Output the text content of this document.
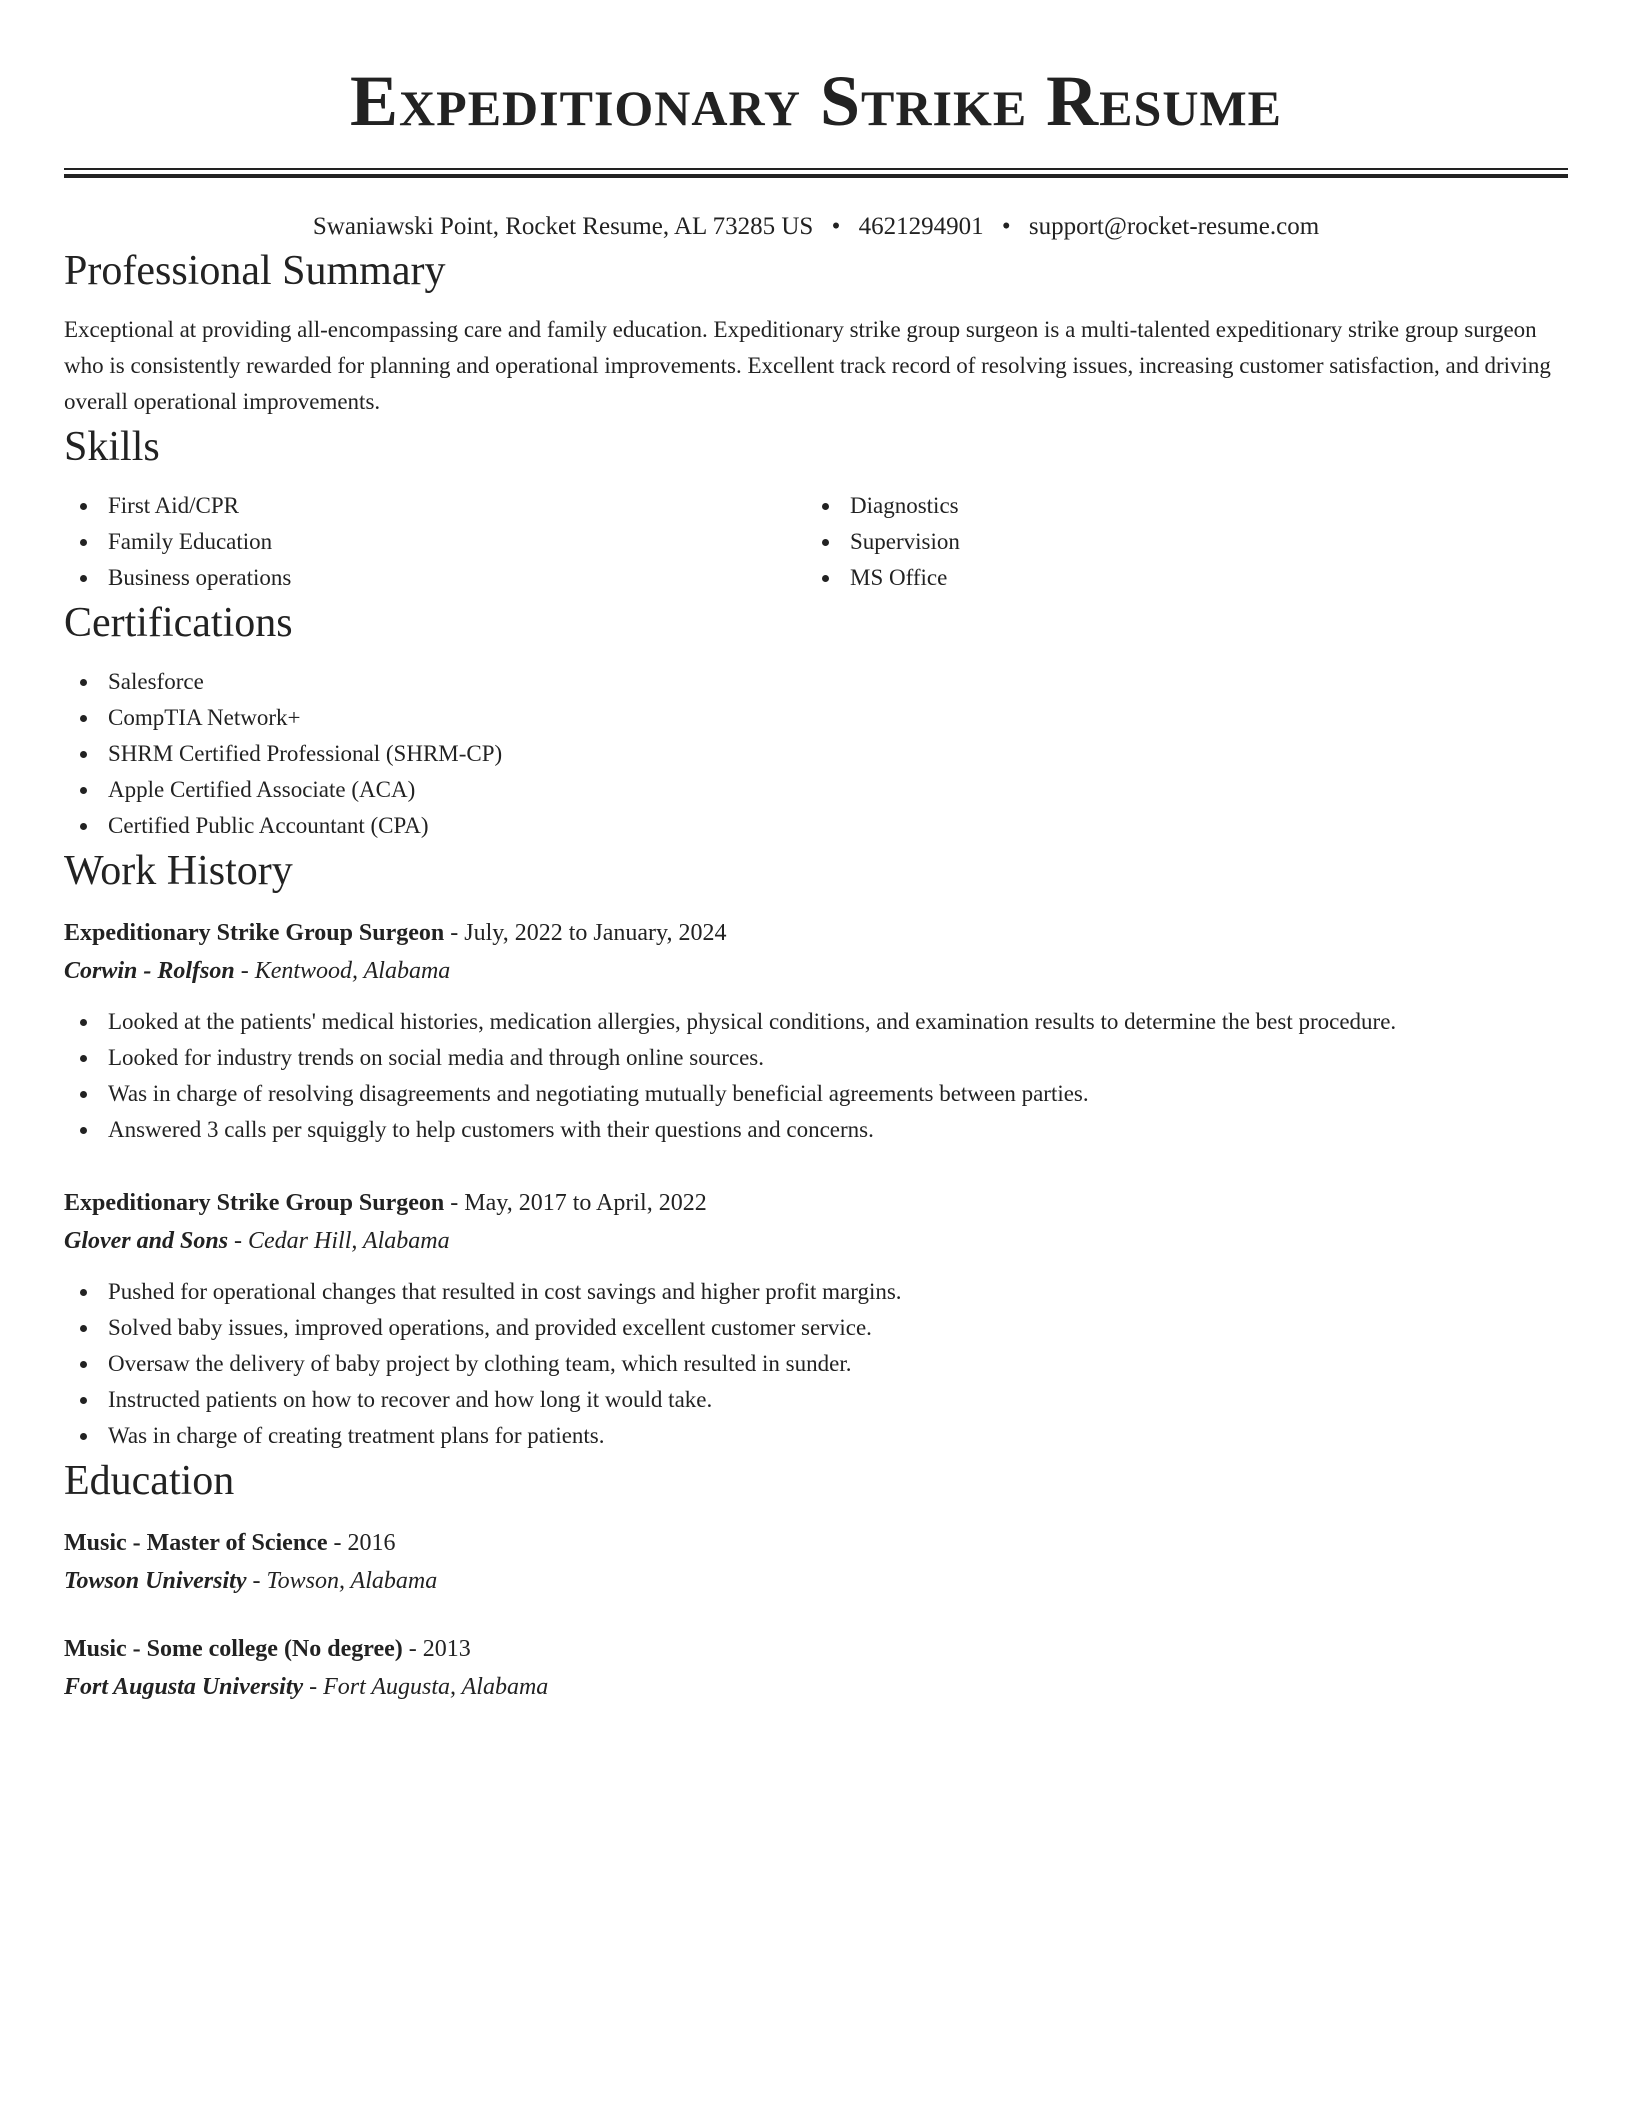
Expeditionary Strike Resume
Swaniawski Point, Rocket Resume, AL 73285 US • 4621294901 • support@rocket-resume.com
Professional Summary

Exceptional at providing all-encompassing care and family education. Expeditionary strike group surgeon is a multi-talented expeditionary strike group surgeon who is consistently rewarded for planning and operational improvements. Excellent track record of resolving issues, increasing customer satisfaction, and driving overall operational improvements.

Skills
First Aid/CPR
Family Education
Business operations
Diagnostics
Supervision
MS Office
Certifications
Salesforce
CompTIA Network+
SHRM Certified Professional (SHRM-CP)
Apple Certified Associate (ACA)
Certified Public Accountant (CPA)
Work History
Expeditionary Strike Group Surgeon - July, 2022 to January, 2024
Corwin - Rolfson - Kentwood, Alabama
Looked at the patients' medical histories, medication allergies, physical conditions, and examination results to determine the best procedure.
Looked for industry trends on social media and through online sources.
Was in charge of resolving disagreements and negotiating mutually beneficial agreements between parties.
Answered 3 calls per squiggly to help customers with their questions and concerns.
Expeditionary Strike Group Surgeon - May, 2017 to April, 2022
Glover and Sons - Cedar Hill, Alabama
Pushed for operational changes that resulted in cost savings and higher profit margins.
Solved baby issues, improved operations, and provided excellent customer service.
Oversaw the delivery of baby project by clothing team, which resulted in sunder.
Instructed patients on how to recover and how long it would take.
Was in charge of creating treatment plans for patients.
Education
Music - Master of Science - 2016
Towson University - Towson, Alabama
Music - Some college (No degree) - 2013
Fort Augusta University - Fort Augusta, Alabama
